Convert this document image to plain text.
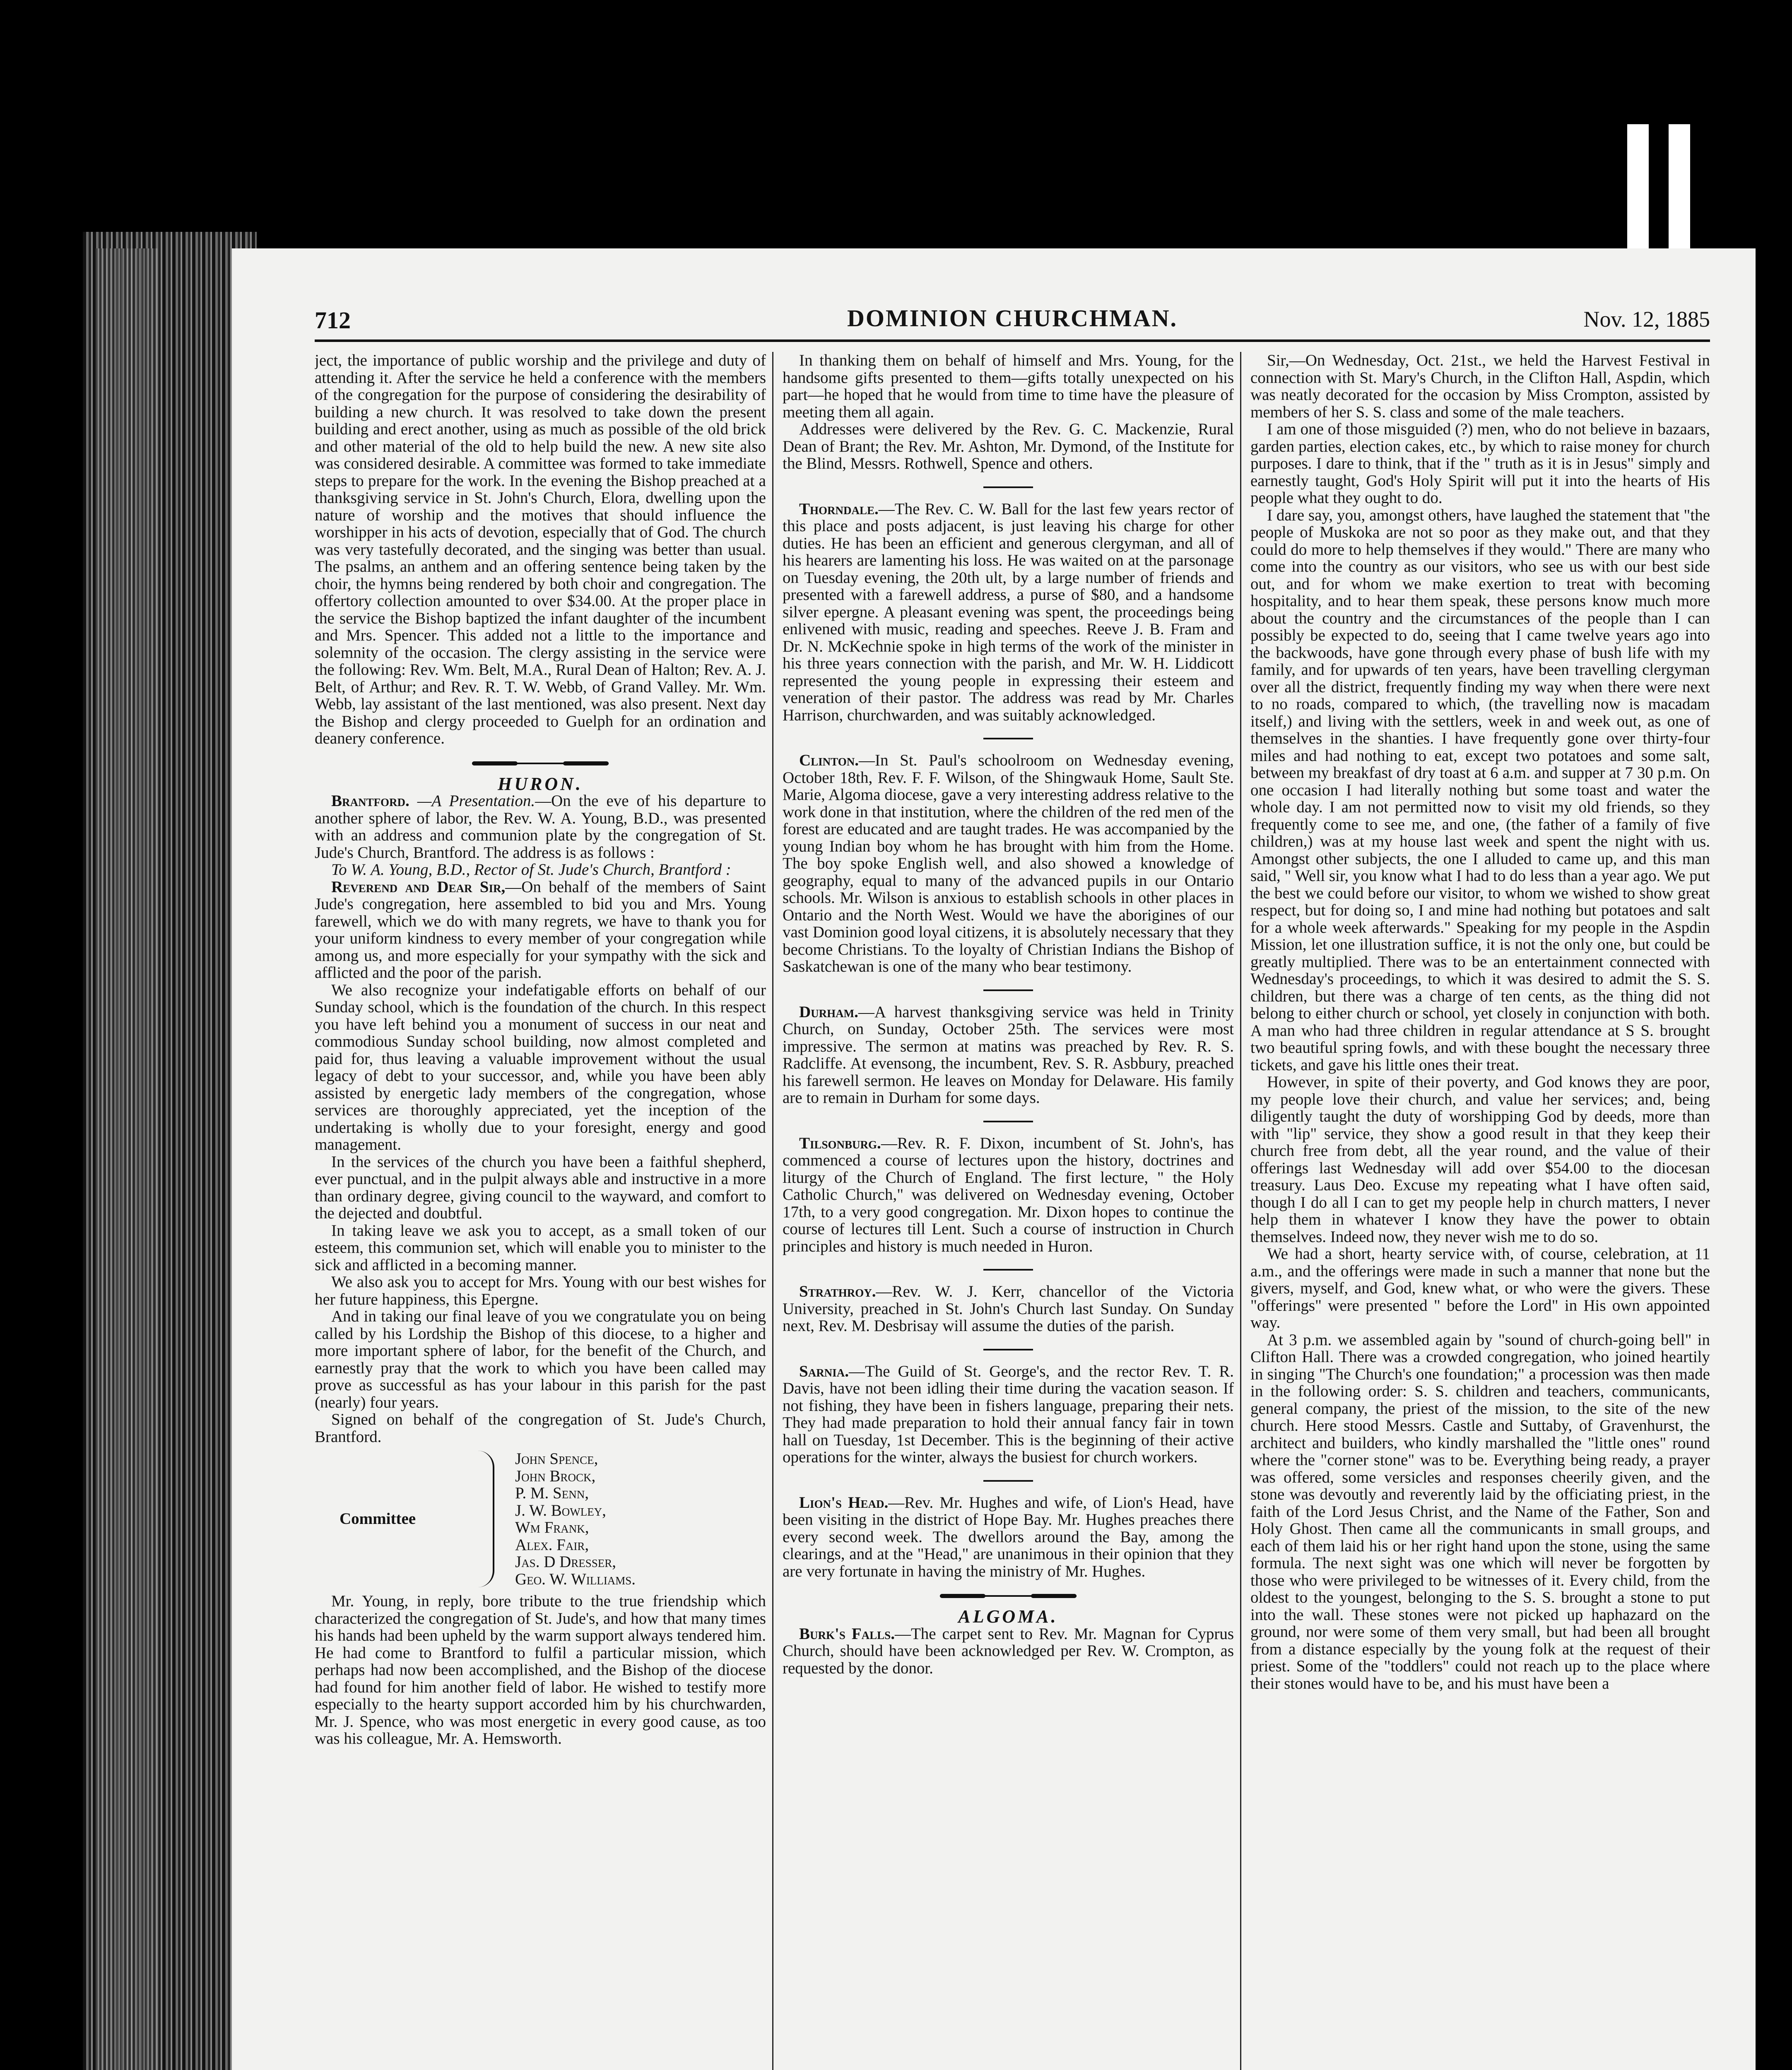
712	DOMINION CHURCHMAN.	Nov. 12, 1885

ject, the importance of public worship and the privilege and duty of attending it. After the service he held a conference with the members of the congregation for the purpose of considering the desirability of building a new church. It was resolved to take down the present building and erect another, using as much as possible of the old brick and other material of the old to help build the new. A new site also was considered desirable. A committee was formed to take immediate steps to prepare for the work. In the evening the Bishop preached at a thanksgiving service in St. John's Church, Elora, dwelling upon the nature of worship and the motives that should influence the worshipper in his acts of devotion, especially that of God. The church was very tastefully decorated, and the singing was better than usual. The psalms, an anthem and an offering sentence being taken by the choir, the hymns being rendered by both choir and congregation. The offertory collection amounted to over $34.00. At the proper place in the service the Bishop baptized the infant daughter of the incumbent and Mrs. Spencer. This added not a little to the importance and solemnity of the occasion. The clergy assisting in the service were the following: Rev. Wm. Belt, M.A., Rural Dean of Halton; Rev. A. J. Belt, of Arthur; and Rev. R. T. W. Webb, of Grand Valley. Mr. Wm. Webb, lay assistant of the last mentioned, was also present. Next day the Bishop and clergy proceeded to Guelph for an ordination and deanery conference.

HURON.

Brantford. —A Presentation.—On the eve of his departure to another sphere of labor, the Rev. W. A. Young, B.D., was presented with an address and communion plate by the congregation of St. Jude's Church, Brantford. The address is as follows :

To W. A. Young, B.D., Rector of St. Jude's Church, Brantford :

Reverend and Dear Sir,—On behalf of the members of Saint Jude's congregation, here assembled to bid you and Mrs. Young farewell, which we do with many regrets, we have to thank you for your uniform kindness to every member of your congregation while among us, and more especially for your sympathy with the sick and afflicted and the poor of the parish.

We also recognize your indefatigable efforts on behalf of our Sunday school, which is the foundation of the church. In this respect you have left behind you a monument of success in our neat and commodious Sunday school building, now almost completed and paid for, thus leaving a valuable improvement without the usual legacy of debt to your successor, and, while you have been ably assisted by energetic lady members of the congregation, whose services are thoroughly appreciated, yet the inception of the undertaking is wholly due to your foresight, energy and good management.

In the services of the church you have been a faithful shepherd, ever punctual, and in the pulpit always able and instructive in a more than ordinary degree, giving council to the wayward, and comfort to the dejected and doubtful.

In taking leave we ask you to accept, as a small token of our esteem, this communion set, which will enable you to minister to the sick and afflicted in a becoming manner.

We also ask you to accept for Mrs. Young with our best wishes for her future happiness, this Epergne.

And in taking our final leave of you we congratulate you on being called by his Lordship the Bishop of this diocese, to a higher and more important sphere of labor, for the benefit of the Church, and earnestly pray that the work to which you have been called may prove as successful as has your labour in this parish for the past (nearly) four years.

Signed on behalf of the congregation of St. Jude's Church, Brantford.

Committee
John Spence,
John Brock,
P. M. Senn,
J. W. Bowley,
Wm Frank,
Alex. Fair,
Jas. D Dresser,
Geo. W. Williams.

Mr. Young, in reply, bore tribute to the true friendship which characterized the congregation of St. Jude's, and how that many times his hands had been upheld by the warm support always tendered him. He had come to Brantford to fulfil a particular mission, which perhaps had now been accomplished, and the Bishop of the diocese had found for him another field of labor. He wished to testify more especially to the hearty support accorded him by his churchwarden, Mr. J. Spence, who was most energetic in every good cause, as too was his colleague, Mr. A. Hemsworth.

In thanking them on behalf of himself and Mrs. Young, for the handsome gifts presented to them—gifts totally unexpected on his part—he hoped that he would from time to time have the pleasure of meeting them all again.

Addresses were delivered by the Rev. G. C. Mackenzie, Rural Dean of Brant; the Rev. Mr. Ashton, Mr. Dymond, of the Institute for the Blind, Messrs. Rothwell, Spence and others.

Thorndale.—The Rev. C. W. Ball for the last few years rector of this place and posts adjacent, is just leaving his charge for other duties. He has been an efficient and generous clergyman, and all of his hearers are lamenting his loss. He was waited on at the parsonage on Tuesday evening, the 20th ult, by a large number of friends and presented with a farewell address, a purse of $80, and a handsome silver epergne. A pleasant evening was spent, the proceedings being enlivened with music, reading and speeches. Reeve J. B. Fram and Dr. N. McKechnie spoke in high terms of the work of the minister in his three years connection with the parish, and Mr. W. H. Liddicott represented the young people in expressing their esteem and veneration of their pastor. The address was read by Mr. Charles Harrison, churchwarden, and was suitably acknowledged.

Clinton.—In St. Paul's schoolroom on Wednesday evening, October 18th, Rev. F. F. Wilson, of the Shingwauk Home, Sault Ste. Marie, Algoma diocese, gave a very interesting address relative to the work done in that institution, where the children of the red men of the forest are educated and are taught trades. He was accompanied by the young Indian boy whom he has brought with him from the Home. The boy spoke English well, and also showed a knowledge of geography, equal to many of the advanced pupils in our Ontario schools. Mr. Wilson is anxious to establish schools in other places in Ontario and the North West. Would we have the aborigines of our vast Dominion good loyal citizens, it is absolutely necessary that they become Christians. To the loyalty of Christian Indians the Bishop of Saskatchewan is one of the many who bear testimony.

Durham.—A harvest thanksgiving service was held in Trinity Church, on Sunday, October 25th. The services were most impressive. The sermon at matins was preached by Rev. R. S. Radcliffe. At evensong, the incumbent, Rev. S. R. Asbbury, preached his farewell sermon. He leaves on Monday for Delaware. His family are to remain in Durham for some days.

Tilsonburg.—Rev. R. F. Dixon, incumbent of St. John's, has commenced a course of lectures upon the history, doctrines and liturgy of the Church of England. The first lecture, " the Holy Catholic Church," was delivered on Wednesday evening, October 17th, to a very good congregation. Mr. Dixon hopes to continue the course of lectures till Lent. Such a course of instruction in Church principles and history is much needed in Huron.

Strathroy.—Rev. W. J. Kerr, chancellor of the Victoria University, preached in St. John's Church last Sunday. On Sunday next, Rev. M. Desbrisay will assume the duties of the parish.

Sarnia.—The Guild of St. George's, and the rector Rev. T. R. Davis, have not been idling their time during the vacation season. If not fishing, they have been in fishers language, preparing their nets. They had made preparation to hold their annual fancy fair in town hall on Tuesday, 1st December. This is the beginning of their active operations for the winter, always the busiest for church workers.

Lion's Head.—Rev. Mr. Hughes and wife, of Lion's Head, have been visiting in the district of Hope Bay. Mr. Hughes preaches there every second week. The dwellors around the Bay, among the clearings, and at the "Head," are unanimous in their opinion that they are very fortunate in having the ministry of Mr. Hughes.

ALGOMA.

Burk's Falls.—The carpet sent to Rev. Mr. Magnan for Cyprus Church, should have been acknowledged per Rev. W. Crompton, as requested by the donor.

Sir,—On Wednesday, Oct. 21st., we held the Harvest Festival in connection with St. Mary's Church, in the Clifton Hall, Aspdin, which was neatly decorated for the occasion by Miss Crompton, assisted by members of her S. S. class and some of the male teachers.

I am one of those misguided (?) men, who do not believe in bazaars, garden parties, election cakes, etc., by which to raise money for church purposes. I dare to think, that if the " truth as it is in Jesus" simply and earnestly taught, God's Holy Spirit will put it into the hearts of His people what they ought to do.

I dare say, you, amongst others, have laughed the statement that "the people of Muskoka are not so poor as they make out, and that they could do more to help themselves if they would." There are many who come into the country as our visitors, who see us with our best side out, and for whom we make exertion to treat with becoming hospitality, and to hear them speak, these persons know much more about the country and the circumstances of the people than I can possibly be expected to do, seeing that I came twelve years ago into the backwoods, have gone through every phase of bush life with my family, and for upwards of ten years, have been travelling clergyman over all the district, frequently finding my way when there were next to no roads, compared to which, (the travelling now is macadam itself,) and living with the settlers, week in and week out, as one of themselves in the shanties. I have frequently gone over thirty-four miles and had nothing to eat, except two potatoes and some salt, between my breakfast of dry toast at 6 a.m. and supper at 7 30 p.m. On one occasion I had literally nothing but some toast and water the whole day. I am not permitted now to visit my old friends, so they frequently come to see me, and one, (the father of a family of five children,) was at my house last week and spent the night with us. Amongst other subjects, the one I alluded to came up, and this man said, " Well sir, you know what I had to do less than a year ago. We put the best we could before our visitor, to whom we wished to show great respect, but for doing so, I and mine had nothing but potatoes and salt for a whole week afterwards." Speaking for my people in the Aspdin Mission, let one illustration suffice, it is not the only one, but could be greatly multiplied. There was to be an entertainment connected with Wednesday's proceedings, to which it was desired to admit the S. S. children, but there was a charge of ten cents, as the thing did not belong to either church or school, yet closely in conjunction with both. A man who had three children in regular attendance at S S. brought two beautiful spring fowls, and with these bought the necessary three tickets, and gave his little ones their treat.

However, in spite of their poverty, and God knows they are poor, my people love their church, and value her services; and, being diligently taught the duty of worshipping God by deeds, more than with "lip" service, they show a good result in that they keep their church free from debt, all the year round, and the value of their offerings last Wednesday will add over $54.00 to the diocesan treasury. Laus Deo. Excuse my repeating what I have often said, though I do all I can to get my people help in church matters, I never help them in whatever I know they have the power to obtain themselves. Indeed now, they never wish me to do so.

We had a short, hearty service with, of course, celebration, at 11 a.m., and the offerings were made in such a manner that none but the givers, myself, and God, knew what, or who were the givers. These "offerings" were presented " before the Lord" in His own appointed way.

At 3 p.m. we assembled again by "sound of church-going bell" in Clifton Hall. There was a crowded congregation, who joined heartily in singing "The Church's one foundation;" a procession was then made in the following order: S. S. children and teachers, communicants, general company, the priest of the mission, to the site of the new church. Here stood Messrs. Castle and Suttaby, of Gravenhurst, the architect and builders, who kindly marshalled the "little ones" round where the "corner stone" was to be. Everything being ready, a prayer was offered, some versicles and responses cheerily given, and the stone was devoutly and reverently laid by the officiating priest, in the faith of the Lord Jesus Christ, and the Name of the Father, Son and Holy Ghost. Then came all the communicants in small groups, and each of them laid his or her right hand upon the stone, using the same formula. The next sight was one which will never be forgotten by those who were privileged to be witnesses of it. Every child, from the oldest to the youngest, belonging to the S. S. brought a stone to put into the wall. These stones were not picked up haphazard on the ground, nor were some of them very small, but had been all brought from a distance especially by the young folk at the request of their priest. Some of the "toddlers" could not reach up to the place where their stones would have to be, and his must have been a
